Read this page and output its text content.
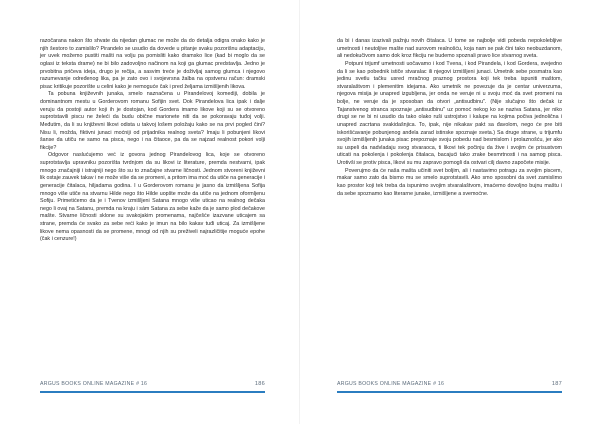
razočarana nakon što shvate da nijedan glumac ne može da do detalja odigra onako kako je njih šestoro to zamislilo? Pirandelo se usudio da dovede u pitanje svaku pozorišnu adaptaciju, jer uvek možemo pustiti mašti na volju pa pomisliti kako dramsko lice (kad bi moglo da se oglasi iz teksta drame) ne bi bilo zadovoljno načinom na koji ga glumac predstavlja. Jedno je prvobitna pričeva ideja, drugo je rečija, a sasvim treće je doživljaj samog glumca i njegovo razumevanje određenog lika, pa je zato ovo i svojevrsna žalba na opstvenu račun: dramski pisac kritikuje pozorište u celini kako je nemoguće čak i pred željama izmišljenih likova.

Ta pobuna književnih junaka, smelo naznačena u Pirandelovoj komediji, dobila je dominantnom mestu u Gorderovom romanu Sofijin svet. Dok Pirandelova lica ipak i dalje veruju da postoji autor koji ih je dostojan, kod Gordera imamo likove koji su se otvoreno suprotstavili piscu ne želeći da budu obične marionete niti da se pokoravaju tuđoj volji. Međutim, da li su književni likovi odista u takvoj lošem položaju kako se na prvi pogled čini? Nisu li, možda, fiktivni junaci moćniji od prijadnika realnog sveta? Imaju li pobunjeni likovi šanse da utiču ne samo na pisca, nego i na čitaoce, pa da se najzad realnost pokori volji fikcije?

Odgovor naslućujemo već iz govora jednog Pirandelovog lica, koje se otvoreno suprotstavlja upravniku pozorišta tvrdnjom da su likovi iz literature, premda nestvarni, ipak mnogo značajniji i istrajniji nego što su to značajne stvarne ličnosti. Jednom stvoreni književni lik ostaje zauvek takav i ne može više da se promeni, a pritom ima moć da utiče na generacije i generacije čitalaca, hiljadama godina. I u Gorderovom romanu je jasno da izmišljena Sofija mnogo više utiče na stvarnu Hilde nego što Hilde uopšte može da utiče na jednom oformljenu Sofiju. Primetićemo da je i Tvenov izmišljeni Satana mnogo više uticao na realnog dečaka nego li ovaj na Satanu, premda na kraju i sám Satana za sebe kaže da je samo plod dečakove mašte. Stvarne ličnosti sklone su svakojakim promenama, najčešće izazvane uticajem sa strane, premda će svako za sebe reći kako je imun na bilo kakav tuđi uticaj. Za izmišljene likove nema opasnosti da se promene, mnogi od njih su preživeli najrazličitije moguće epohe (čak i cenzure!)

ARGUS BOOKS ONLINE MAGAZINE # 16	186

da bi i danas izazivali pažnju novih čitalaca. U tome se najbolje vidi pobeda nepokolebljive umetnosti i neutoljive mašte nad surovom realnošću, koja nam se pak čini tako neobuzdanom, ali nedokučivom samo dok kroz fikciju ne budemo spoznali pravo lice stvarnog sveta.

Potpuni trijumf umetnosti uočavamo i kod Tvena, i kod Pirandela, i kod Gordera, svejedno da li se kao pobednik ističe stvaralac ili njegovi izmišljeni junaci. Umetnik sebe posmatra kao jedinu svetlu tačku usred mračnog praznog prostora koji tek treba ispuniti maštom, stvaralaštvom i plemenitim idejama. Ako umetnik ne povezuje da je centar univerzuma, njegova misija je unapred izgubljena, jer onda ne veruje ni u svoju moć da svet promeni na bolje, ne veruje da je sposoban da otvori „antisudbinu". (Nije slučajno što dečak iz Tajanstvenog stranca spoznaje „antisudbinu" uz pomoć nekog ko se naziva Satana, jer niko drugi se ne bi ni usudio da tako olako ruši ustrojstvo i kalupe na kojima počiva jednolična i unapred zacrtana svakidašnjica. To, ipak, nije nikakav pakt sa đavolom, nego će pre biti iskorišćavanje pobunjenog anđela zarad istinske spoznaje sveta.) Sa druge strane, u trijumfu svojih izmišljenih junaka pisac prepoznaje svoju pobedu nad besmislom i prolaznošću, jer ako su uspeli da nadvladaju svog stvaraoca, ti likovi tek počinju da žive i svojim će prisustvom uticati na pokolenja i pokolenja čitalaca, bacajući tako zrake besmrtnosti i na samog pisca. Urotivši se protiv pisca, likovi su mu zapravo pomogli da ostvari cilj davno započete misije.

Poverujmo da će naša mašta učiniti svet boljim, ali i nastavimo potragu za svojim piscem, makar samo zato da bismo mu se smelo suprotstavili. Ako smo sposobni da svet zamislimo kao prostor koji tek treba da ispunimo svojim stvaralaštvom, imaćemo dovoljno bujnu maštu i da sebe spoznamo kao literarne junake, izmišljene a svemoćne.

ARGUS BOOKS ONLINE MAGAZINE # 16	187
